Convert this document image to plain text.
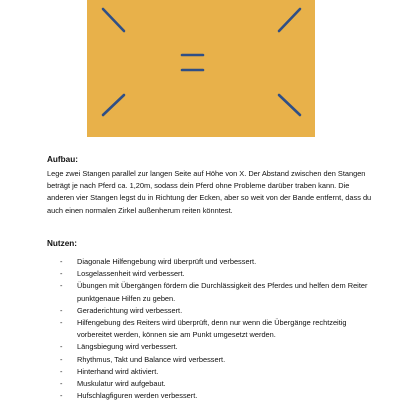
Aufbau:

Lege zwei Stangen parallel zur langen Seite auf Höhe von X. Der Abstand zwischen den Stangen beträgt je nach Pferd ca. 1,20m, sodass dein Pferd ohne Probleme darüber traben kann. Die anderen vier Stangen legst du in Richtung der Ecken, aber so weit von der Bande entfernt, dass du auch einen normalen Zirkel außenherum reiten könntest.

Nutzen:

- Diagonale Hilfengebung wird überprüft und verbessert.
- Losgelassenheit wird verbessert.
- Übungen mit Übergängen fördern die Durchlässigkeit des Pferdes und helfen dem Reiter punktgenaue Hilfen zu geben.
- Geraderichtung wird verbessert.
- Hilfengebung des Reiters wird überprüft, denn nur wenn die Übergänge rechtzeitig vorbereitet werden, können sie am Punkt umgesetzt werden.
- Längsbiegung wird verbessert.
- Rhythmus, Takt und Balance wird verbessert.
- Hinterhand wird aktiviert.
- Muskulatur wird aufgebaut.
- Hufschlagfiguren werden verbessert.
